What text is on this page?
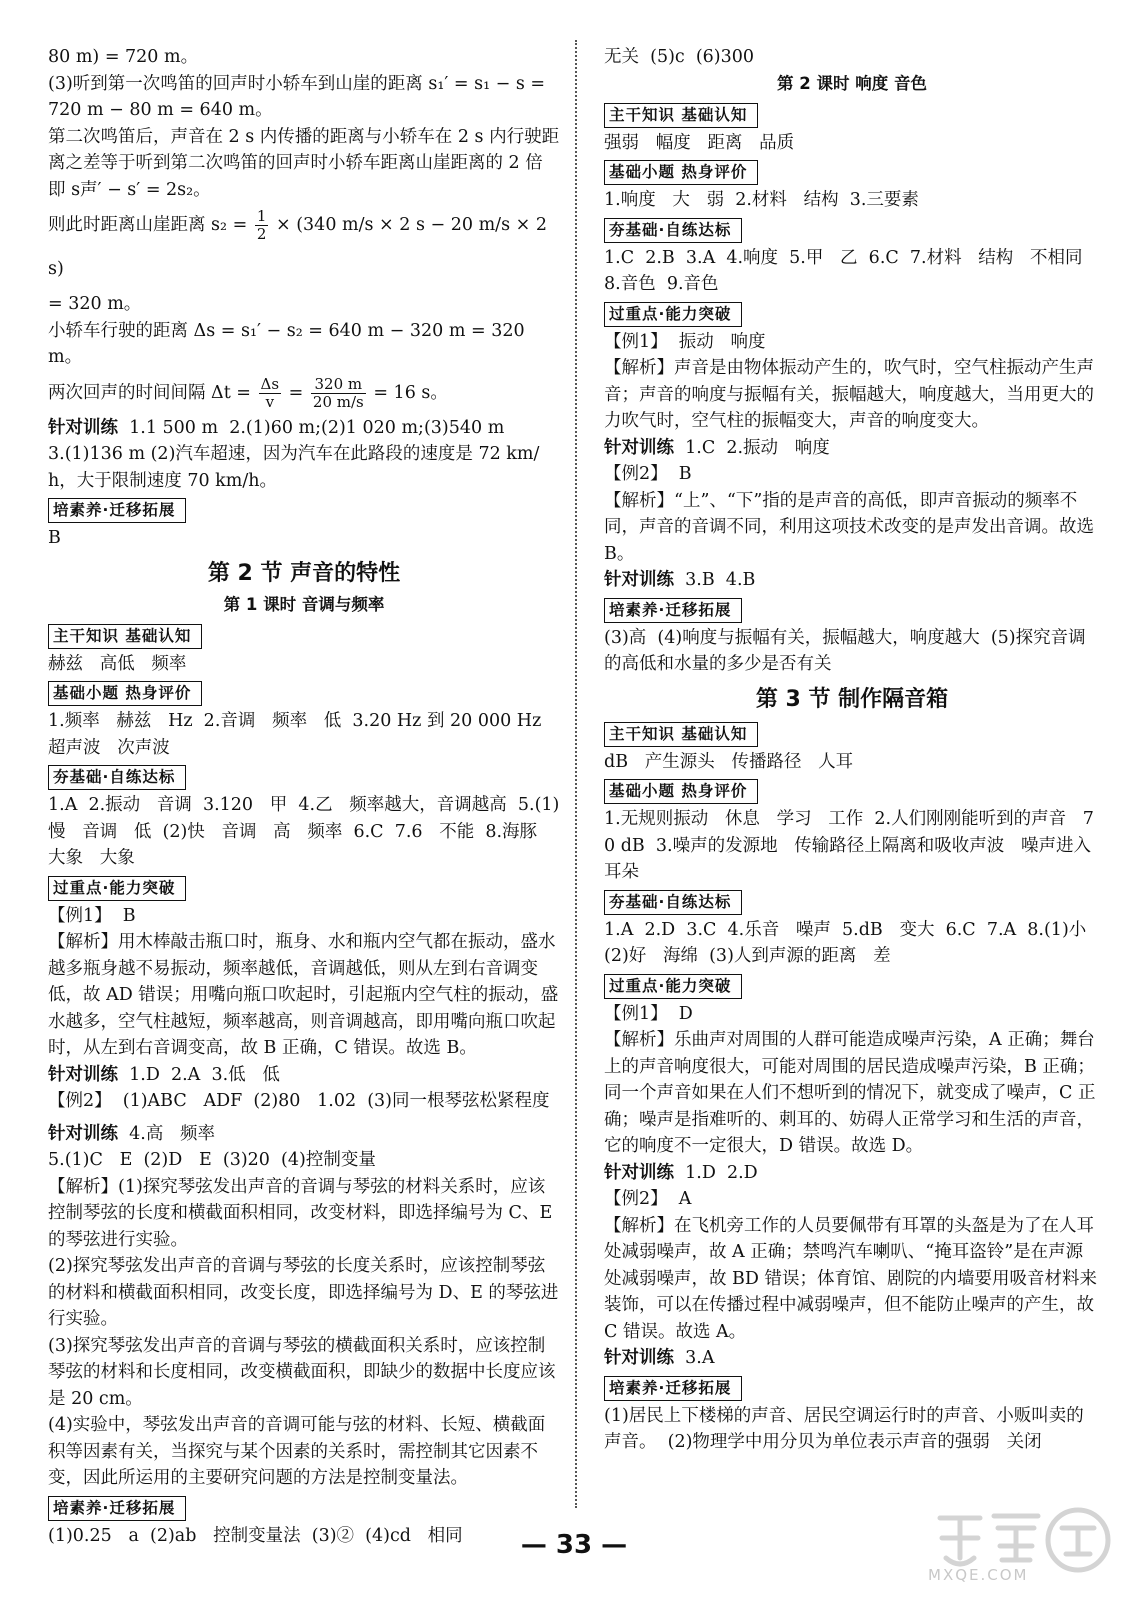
80 m) = 720 m。

(3)听到第一次鸣笛的回声时小轿车到山崖的距离 s₁′ = s₁ − s = 720 m − 80 m = 640 m。

第二次鸣笛后，声音在 2 s 内传播的距离与小轿车在 2 s 内行驶距离之差等于听到第二次鸣笛的回声时小轿车距离山崖距离的 2 倍即 s声′ − s′ = 2s₂。

则此时距离山崖距离 $s_2 = \frac{1}{2} \times (340$ m/s × 2 s − 20 m/s × 2 s)

= 320 m。

小轿车行驶的距离 Δs = s₁′ − s₂ = 640 m − 320 m = 320 m。

两次回声的时间间隔 $\Delta t = \frac{\Delta s}{v} = \frac{320 m}{20 m/s} = 16$ s。

针对训练  1.1 500 m  2.(1)60 m;(2)1 020 m;(3)540 m

3.(1)136 m (2)汽车超速，因为汽车在此路段的速度是 72 km/h，大于限制速度 70 km/h。

培素养·迁移拓展

B

第 2 节 声音的特性
第 1 课时 音调与频率
主干知识 基础认知

赫兹   高低   频率

基础小题 热身评价

1.频率   赫兹   Hz  2.音调   频率   低  3.20 Hz 到 20 000 Hz   超声波   次声波

夯基础·自练达标

1.A  2.振动   音调  3.120   甲  4.乙   频率越大，音调越高  5.(1)慢   音调   低  (2)快   音调   高   频率  6.C  7.6   不能  8.海豚   大象   大象

过重点·能力突破

【例1】  B

【解析】用木棒敲击瓶口时，瓶身、水和瓶内空气都在振动，盛水越多瓶身越不易振动，频率越低，音调越低，则从左到右音调变低，故 AD 错误；用嘴向瓶口吹起时，引起瓶内空气柱的振动，盛水越多，空气柱越短，频率越高，则音调越高，即用嘴向瓶口吹起时，从左到右音调变高，故 B 正确，C 错误。故选 B。

针对训练  1.D  2.A  3.低   低

【例2】  (1)ABC   ADF  (2)80   1.02  (3)同一根琴弦松紧程度

针对训练  4.高   频率

5.(1)C   E  (2)D   E  (3)20  (4)控制变量

【解析】(1)探究琴弦发出声音的音调与琴弦的材料关系时，应该控制琴弦的长度和横截面积相同，改变材料，即选择编号为 C、E 的琴弦进行实验。

(2)探究琴弦发出声音的音调与琴弦的长度关系时，应该控制琴弦的材料和横截面积相同，改变长度，即选择编号为 D、E 的琴弦进行实验。

(3)探究琴弦发出声音的音调与琴弦的横截面积关系时，应该控制琴弦的材料和长度相同，改变横截面积，即缺少的数据中长度应该是 20 cm。

(4)实验中，琴弦发出声音的音调可能与弦的材料、长短、横截面积等因素有关，当探究与某个因素的关系时，需控制其它因素不变，因此所运用的主要研究问题的方法是控制变量法。

培素养·迁移拓展

(1)0.25   a  (2)ab   控制变量法  (3)②  (4)cd   相同

无关  (5)c  (6)300

第 2 课时 响度 音色
主干知识 基础认知

强弱   幅度   距离   品质

基础小题 热身评价

1.响度   大   弱  2.材料   结构  3.三要素

夯基础·自练达标

1.C  2.B  3.A  4.响度  5.甲   乙  6.C  7.材料   结构   不相同  8.音色  9.音色

过重点·能力突破

【例1】  振动   响度

【解析】声音是由物体振动产生的，吹气时，空气柱振动产生声音；声音的响度与振幅有关，振幅越大，响度越大，当用更大的力吹气时，空气柱的振幅变大，声音的响度变大。

针对训练  1.C  2.振动   响度

【例2】  B

【解析】“上”、“下”指的是声音的高低，即声音振动的频率不同，声音的音调不同，利用这项技术改变的是声发出音调。故选 B。

针对训练  3.B  4.B

培素养·迁移拓展

(3)高  (4)响度与振幅有关，振幅越大，响度越大  (5)探究音调的高低和水量的多少是否有关

第 3 节 制作隔音箱
主干知识 基础认知

dB   产生源头   传播路径   人耳

基础小题 热身评价

1.无规则振动   休息   学习   工作  2.人们刚刚能听到的声音   70 dB  3.噪声的发源地   传输路径上隔离和吸收声波   噪声进入耳朵

夯基础·自练达标

1.A  2.D  3.C  4.乐音   噪声  5.dB   变大  6.C  7.A  8.(1)小  (2)好   海绵  (3)人到声源的距离   差

过重点·能力突破

【例1】  D

【解析】乐曲声对周围的人群可能造成噪声污染，A 正确；舞台上的声音响度很大，可能对周围的居民造成噪声污染，B 正确；同一个声音如果在人们不想听到的情况下，就变成了噪声，C 正确；噪声是指难听的、刺耳的、妨碍人正常学习和生活的声音，它的响度不一定很大，D 错误。故选 D。

针对训练  1.D  2.D

【例2】  A

【解析】在飞机旁工作的人员要佩带有耳罩的头盔是为了在人耳处减弱噪声，故 A 正确；禁鸣汽车喇叭、“掩耳盗铃”是在声源处减弱噪声，故 BD 错误；体育馆、剧院的内墙要用吸音材料来装饰，可以在传播过程中减弱噪声，但不能防止噪声的产生，故 C 错误。故选 A。

针对训练  3.A

培素养·迁移拓展

(1)居民上下楼梯的声音、居民空调运行时的声音、小贩叫卖的声音。  (2)物理学中用分贝为单位表示声音的强弱   关闭

— 33 —
MXQE.COM
